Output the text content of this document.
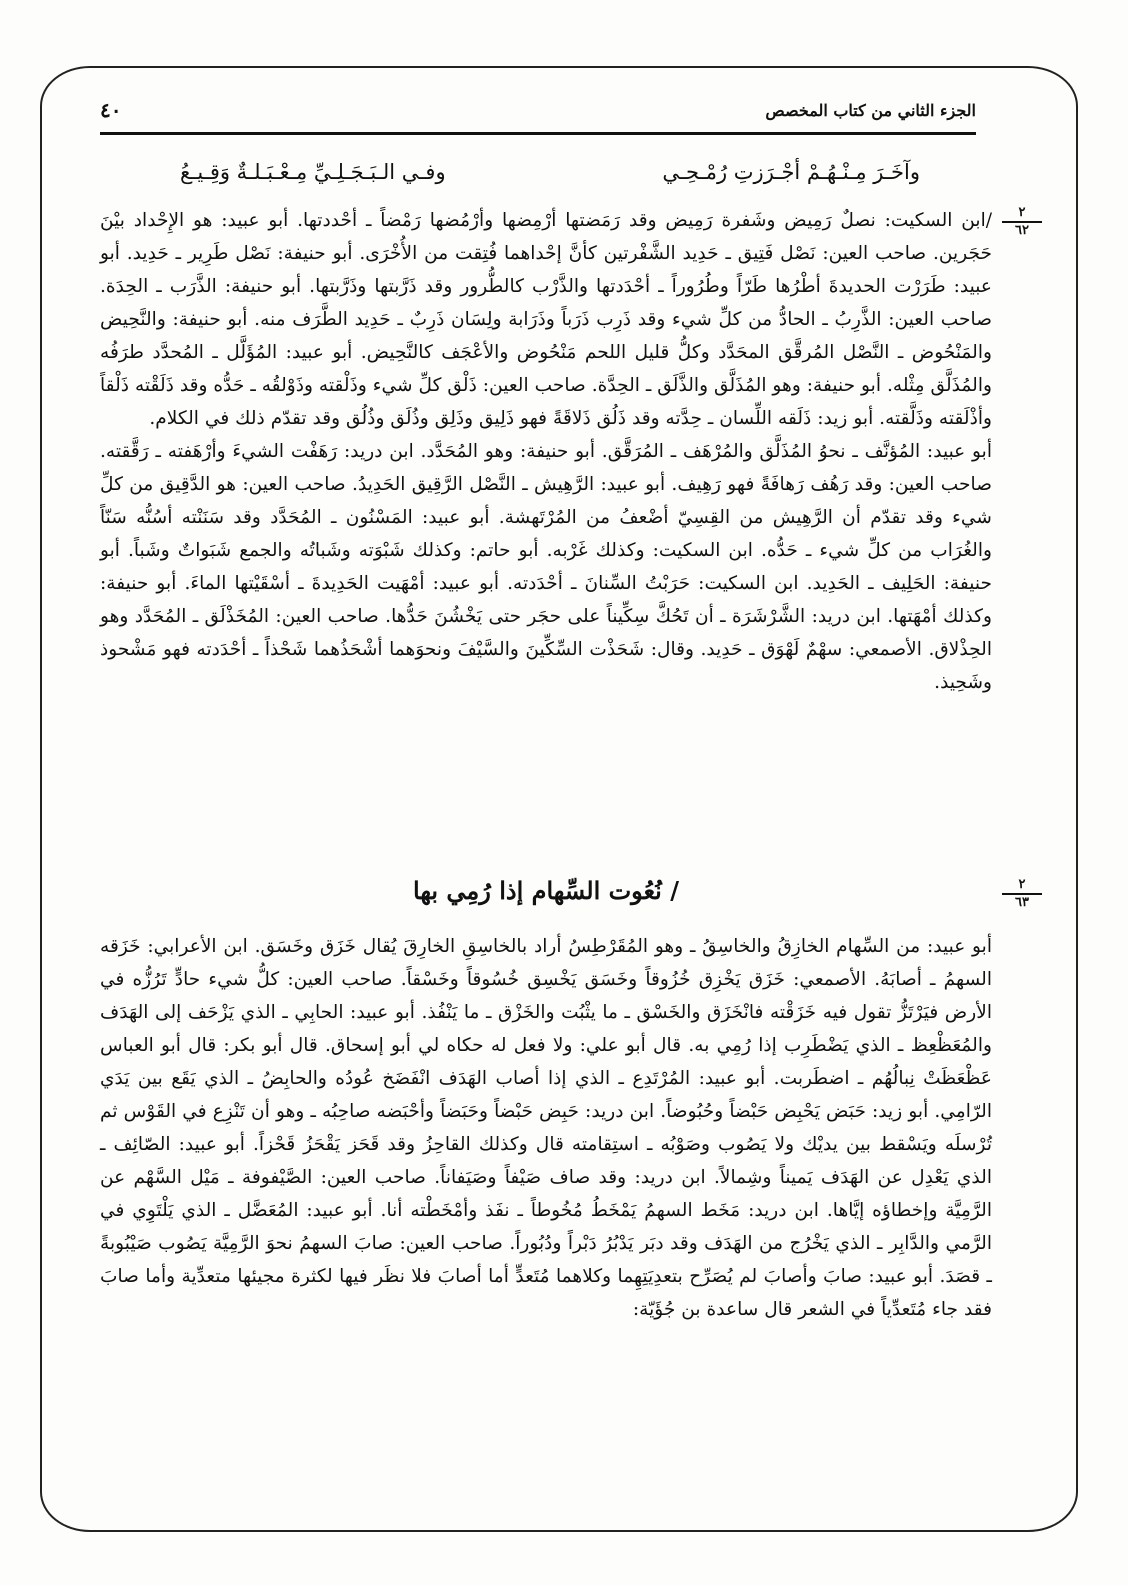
الجزء الثاني من كتاب المخصص
٤٠
وآخَـرَ مِـنْـهُـمْ أجْـرَزتِ رُمْـحِـي
وفـي الـبَـجَـلِـيِّ مِـعْـبَـلـةٌ وَقِـيـعُ
٢
٦٢

/ابن السكيت: نصلٌ رَمِيض وشَفرة رَمِيض وقد رَمَضتها أرْمِضها وأرْمُضها رَمْضاً ـ أحْددتها. أبو عبيد: هو الإِحْداد بيْنَ حَجَرين. صاحب العين: نَصْل فَتِيق ـ حَدِيد الشَّفْرتين كأنَّ إحْداهما فُتِقت من الأُخْرَى. أبو حنيفة: نَصْل طَرِير ـ حَدِيد. أبو عبيد: طَرَرْت الحديدةَ أطْرُها طَرّاً وطُرُوراً ـ أحْدَدتها والذَّرْب كالطُّرور وقد ذَرَّبتها وذَرَّبتها. أبو حنيفة: الذَّرَب ـ الحِدَة. صاحب العين: الذَّرِبُ ـ الحادُّ من كلِّ شيء وقد ذَرِب ذَرَباً وذَرَابة ولِسَان ذَرِبٌ ـ حَدِيد الطَّرَف منه. أبو حنيفة: والنَّحِيض والمَنْحُوض ـ النَّصْل المُرقَّق المحَدَّد وكلُّ قليل اللحم مَنْحُوض والأعْجَف كالنَّحِيض. أبو عبيد: المُؤَلَّل ـ المُحدَّد طرَفُه والمُذَلَّق مِثْله. أبو حنيفة: وهو المُذَلَّق والذَّلَق ـ الحِدَّة. صاحب العين: ذَلْق كلِّ شيء وذَلْقته وذَوْلقُه ـ حَدُّه وقد ذَلَقْته ذَلْقاً وأذْلَقته وذَلَّقته. أبو زيد: ذَلَقه اللِّسان ـ حِدَّته وقد ذَلُق ذَلاقَةً فهو ذَلِيق وذَلِق وذُلَق وذُلُق وقد تقدّم ذلك في الكلام.

أبو عبيد: المُؤنَّف ـ نحوُ المُذَلَّق والمُرْهَف ـ المُرَقَّق. أبو حنيفة: وهو المُحَدَّد. ابن دريد: رَهَفْت الشيءَ وأرْهَفته ـ رَقَّقته. صاحب العين: وقد رَهُف رَهافَةً فهو رَهِيف. أبو عبيد: الرَّهِيش ـ النَّصْل الرَّقِيق الحَدِيدُ. صاحب العين: هو الدَّقِيق من كلِّ شيء وقد تقدّم أن الرَّهِيش من القِسِيّ أضْعفُ من المُرْتَهشة. أبو عبيد: المَسْنُون ـ المُحَدَّد وقد سَنَنْته أسُنُّه سَنّاً والغُرَاب من كلِّ شيء ـ حَدُّه. ابن السكيت: وكذلك غَرْبه. أبو حاتم: وكذلك شَبْوَته وشَباتُه والجمع شَبَواتٌ وشَباً. أبو حنيفة: الحَلِيف ـ الحَدِيد. ابن السكيت: حَرَبْتُ السِّنانَ ـ أحْدَدته. أبو عبيد: أمْهَيت الحَدِيدةَ ـ أسْقَيْتها الماءَ. أبو حنيفة: وكذلك أمْهَتها. ابن دريد: الشَّرْشَرَة ـ أن تَحُكَّ سِكِّيناً على حجَر حتى يَخْشُنَ حَدُّها. صاحب العين: المُخَذْلَق ـ المُحَدَّد وهو الحِذْلاق. الأصمعي: سهْمٌ لَهْوَق ـ حَدِيد. وقال: شَحَذْت السِّكِّينَ والسَّيْفَ ونحوَهما أشْحَذُهما شَحْذاً ـ أحْدَدته فهو مَشْحوذ وشَحِيذ.

٢
٦٣
/ نُعُوت السِّهام إذا رُمِي بها

أبو عبيد: من السِّهام الخازِقُ والخاسِقُ ـ وهو المُقَرْطِسُ أراد بالخاسِقِ الخارِقَ يُقال خَزَق وخَسَق. ابن الأعرابي: خَزَقه السهمُ ـ أصابَهُ. الأصمعي: خَزَق يَخْزِق خُزُوقاً وخَسَق يَخْسِق خُسُوقاً وخَسْقاً. صاحب العين: كلُّ شيء حادٍّ تَرُزُّه في الأرض فيَرْتَزُّ تقول فيه خَزَقْته فانْخَزَق والخَسْق ـ ما يثْبُت والخَزْق ـ ما يَنْفُذ. أبو عبيد: الحابِي ـ الذي يَزْحَف إلى الهَدَف والمُعَظْعِظ ـ الذي يَضْطَرِب إذا رُمِي به. قال أبو علي: ولا فعل له حكاه لي أبو إسحاق. قال أبو بكر: قال أبو العباس عَظْعَظَتْ نِبالُهُم ـ اضطَربت. أبو عبيد: المُرْتَدِع ـ الذي إذا أصاب الهَدَف انْفَضَخ عُودُه والحابِضُ ـ الذي يَقَع بين يَدَي الرّامِي. أبو زيد: حَبَض يَحْبِض حَبْضاً وحُبُوضاً. ابن دريد: حَبِض حَبْضاً وحَبَضاً وأحْبَضه صاحِبُه ـ وهو أن تَنْزِع في القَوْس ثم تُرْسلَه ويَسْقط بين يديْك ولا يَصُوب وصَوْبُه ـ استِقامته قال وكذلك القاحِزُ وقد قَحَز يَقْحَزُ قَحْزاً. أبو عبيد: الصّائِف ـ الذي يَعْدِل عن الهَدَف يَميناً وشِمالاً. ابن دريد: وقد صاف صَيْفاً وصَيَفاناً. صاحب العين: الصَّيْفوفة ـ مَيْل السَّهْم عن الرَّمِيَّة وإخطاؤه إيَّاها. ابن دريد: مَخَط السهمُ يَمْخَطُ مُخُوطاً ـ نفَذ وأمْخَطْته أنا. أبو عبيد: المُعَضَّل ـ الذي يَلْتَوِي في الرَّمي والدَّابِر ـ الذي يَخْرُج من الهَدَف وقد دبَر يَدْبُرُ دَبْراً ودُبُوراً. صاحب العين: صابَ السهمُ نحوَ الرَّمِيَّة يَصُوب صَيْبُوبةً ـ قصَدَ. أبو عبيد: صابَ وأصابَ لم يُصَرِّح بتعدِيَتِهِما وكلاهما مُتَعدٍّ أما أصابَ فلا نظَر فيها لكثرة مجيئها متعدِّية وأما صابَ فقد جاء مُتَعدِّياً في الشعر قال ساعدة بن جُؤَيّة:
